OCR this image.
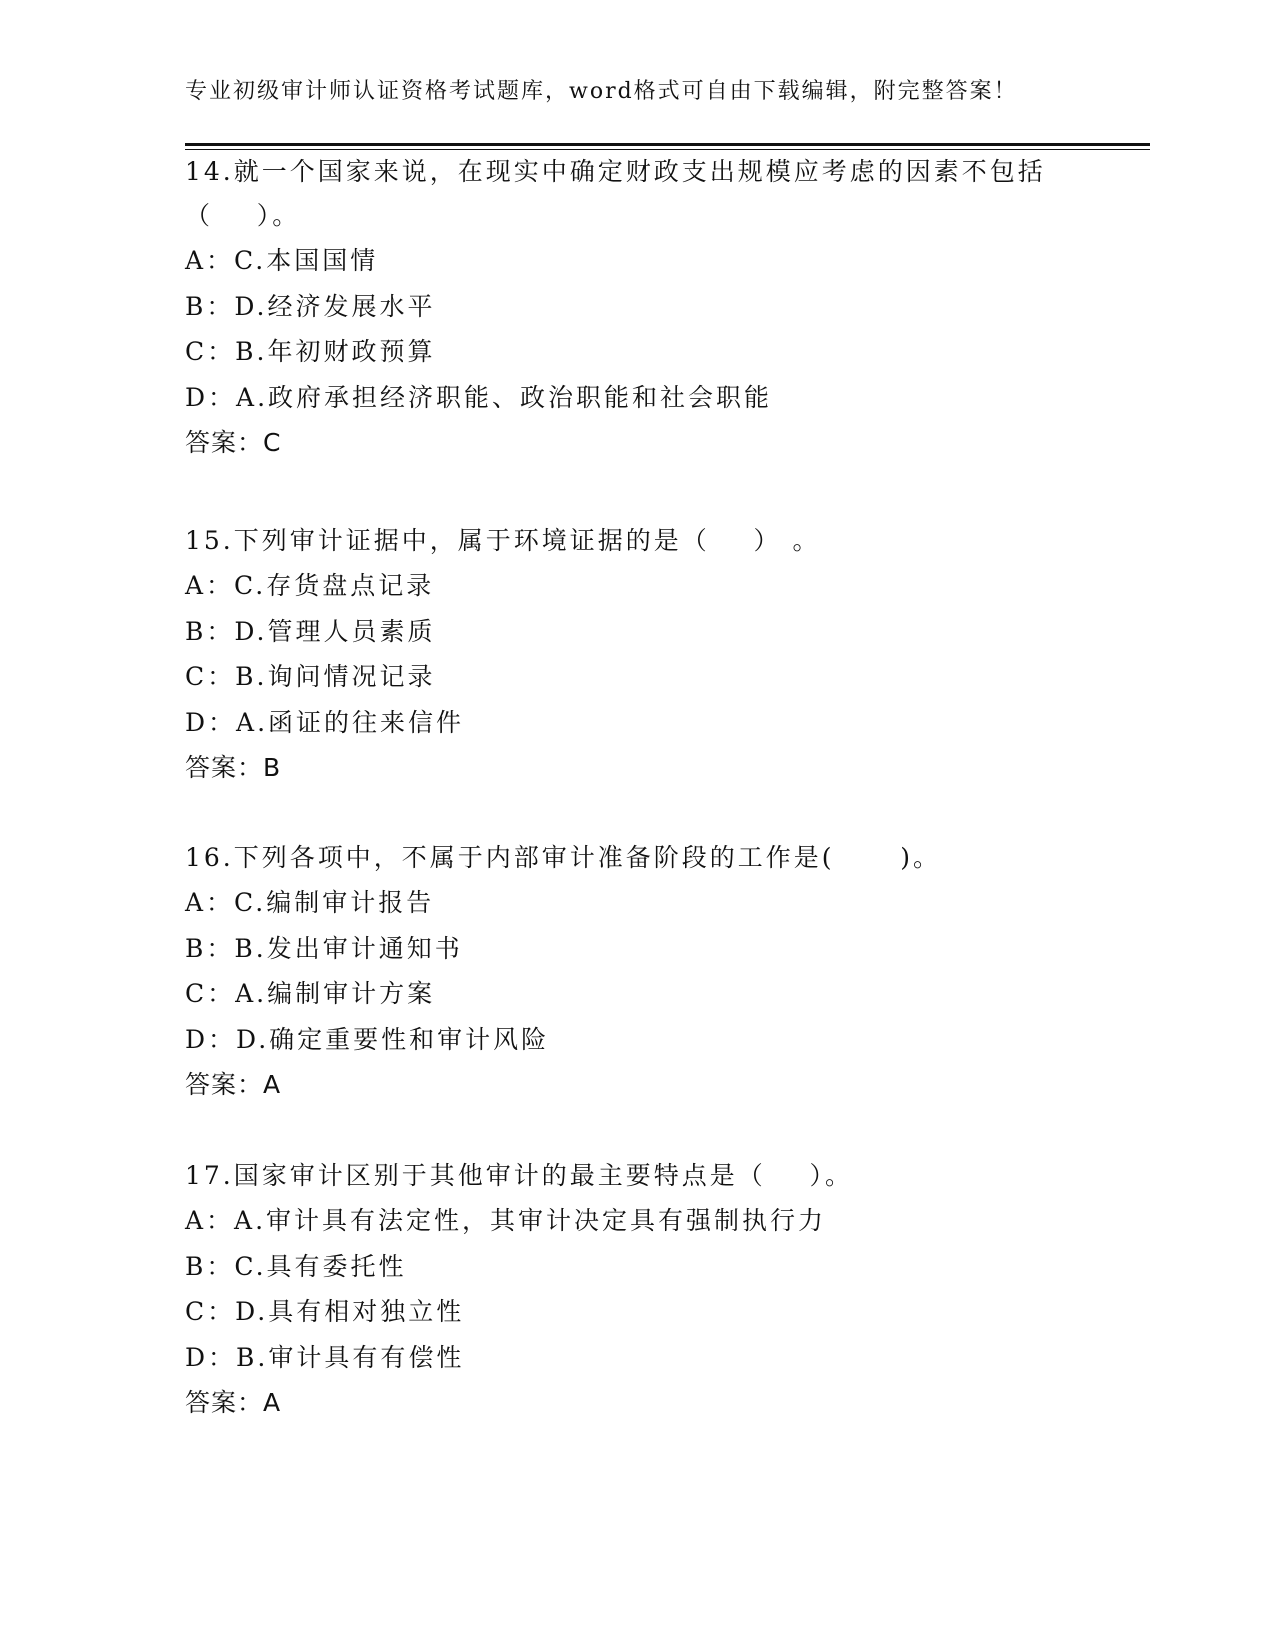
专业初级审计师认证资格考试题库，word格式可自由下载编辑，附完整答案！

14.就一个国家来说，在现实中确定财政支出规模应考虑的因素不包括

（    ）。

A：C.本国国情

B：D.经济发展水平

C：B.年初财政预算

D：A.政府承担经济职能、政治职能和社会职能

答案：C

15.下列审计证据中，属于环境证据的是（    ） 。

A：C.存货盘点记录

B：D.管理人员素质

C：B.询问情况记录

D：A.函证的往来信件

答案：B

16.下列各项中，不属于内部审计准备阶段的工作是(      )。

A：C.编制审计报告

B：B.发出审计通知书

C：A.编制审计方案

D：D.确定重要性和审计风险

答案：A

17.国家审计区别于其他审计的最主要特点是（    ）。

A：A.审计具有法定性，其审计决定具有强制执行力

B：C.具有委托性

C：D.具有相对独立性

D：B.审计具有有偿性

答案：A
